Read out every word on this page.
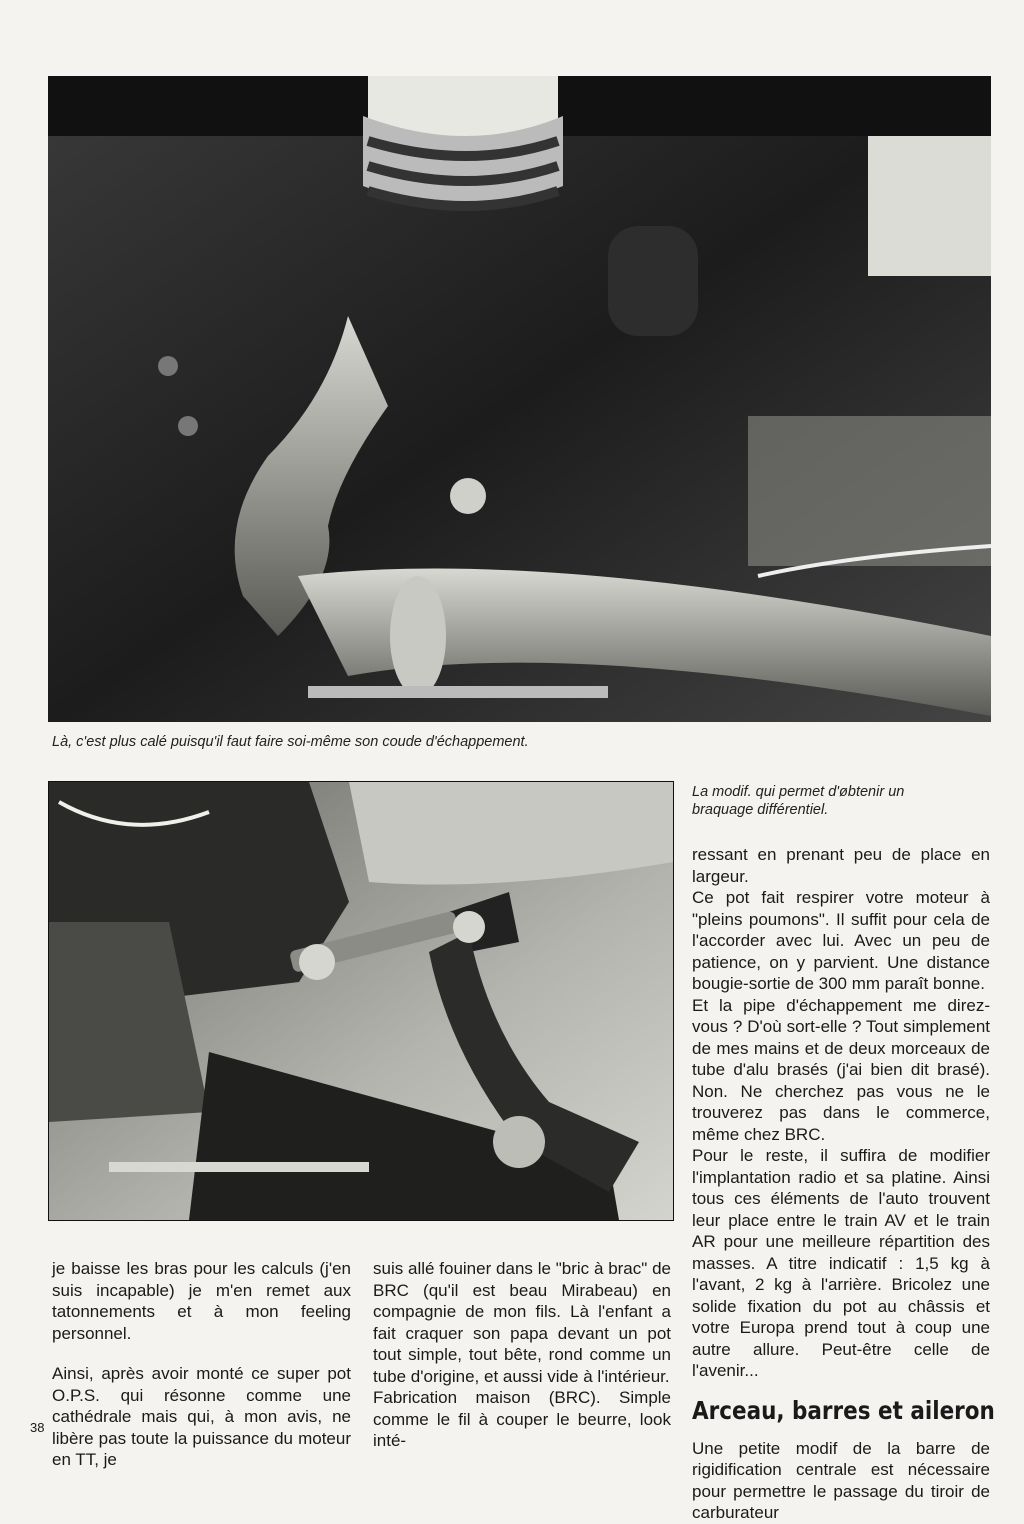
Là, c'est plus calé puisqu'il faut faire soi-même son coude d'échappement.
La modif. qui permet d'øbtenir un braquage différentiel.

ressant en prenant peu de place en largeur.

Ce pot fait respirer votre moteur à "pleins poumons". Il suffit pour cela de l'accorder avec lui. Avec un peu de patience, on y parvient. Une distance bougie-sortie de 300 mm paraît bonne.

Et la pipe d'échappement me direz-vous ? D'où sort-elle ? Tout simplement de mes mains et de deux morceaux de tube d'alu brasés (j'ai bien dit brasé). Non. Ne cherchez pas vous ne le trouverez pas dans le commerce, même chez BRC.

Pour le reste, il suffira de modifier l'implantation radio et sa platine. Ainsi tous ces éléments de l'auto trouvent leur place entre le train AV et le train AR pour une meilleure répartition des masses. A titre indicatif : 1,5 kg à l'avant, 2 kg à l'arrière. Bricolez une solide fixation du pot au châssis et votre Europa prend tout à coup une autre allure. Peut-être celle de l'avenir...

Arceau, barres et aileron

Une petite modif de la barre de rigidification centrale est nécessaire pour permettre le passage du tiroir de carburateur

je baisse les bras pour les calculs (j'en suis incapable) je m'en remet aux tatonnements et à mon feeling personnel.

Ainsi, après avoir monté ce super pot O.P.S. qui résonne comme une cathédrale mais qui, à mon avis, ne libère pas toute la puissance du moteur en TT, je

suis allé fouiner dans le "bric à brac" de BRC (qu'il est beau Mirabeau) en compagnie de mon fils. Là l'enfant a fait craquer son papa devant un pot tout simple, tout bête, rond comme un tube d'origine, et aussi vide à l'intérieur.

Fabrication maison (BRC). Simple comme le fil à couper le beurre, look inté-

38
